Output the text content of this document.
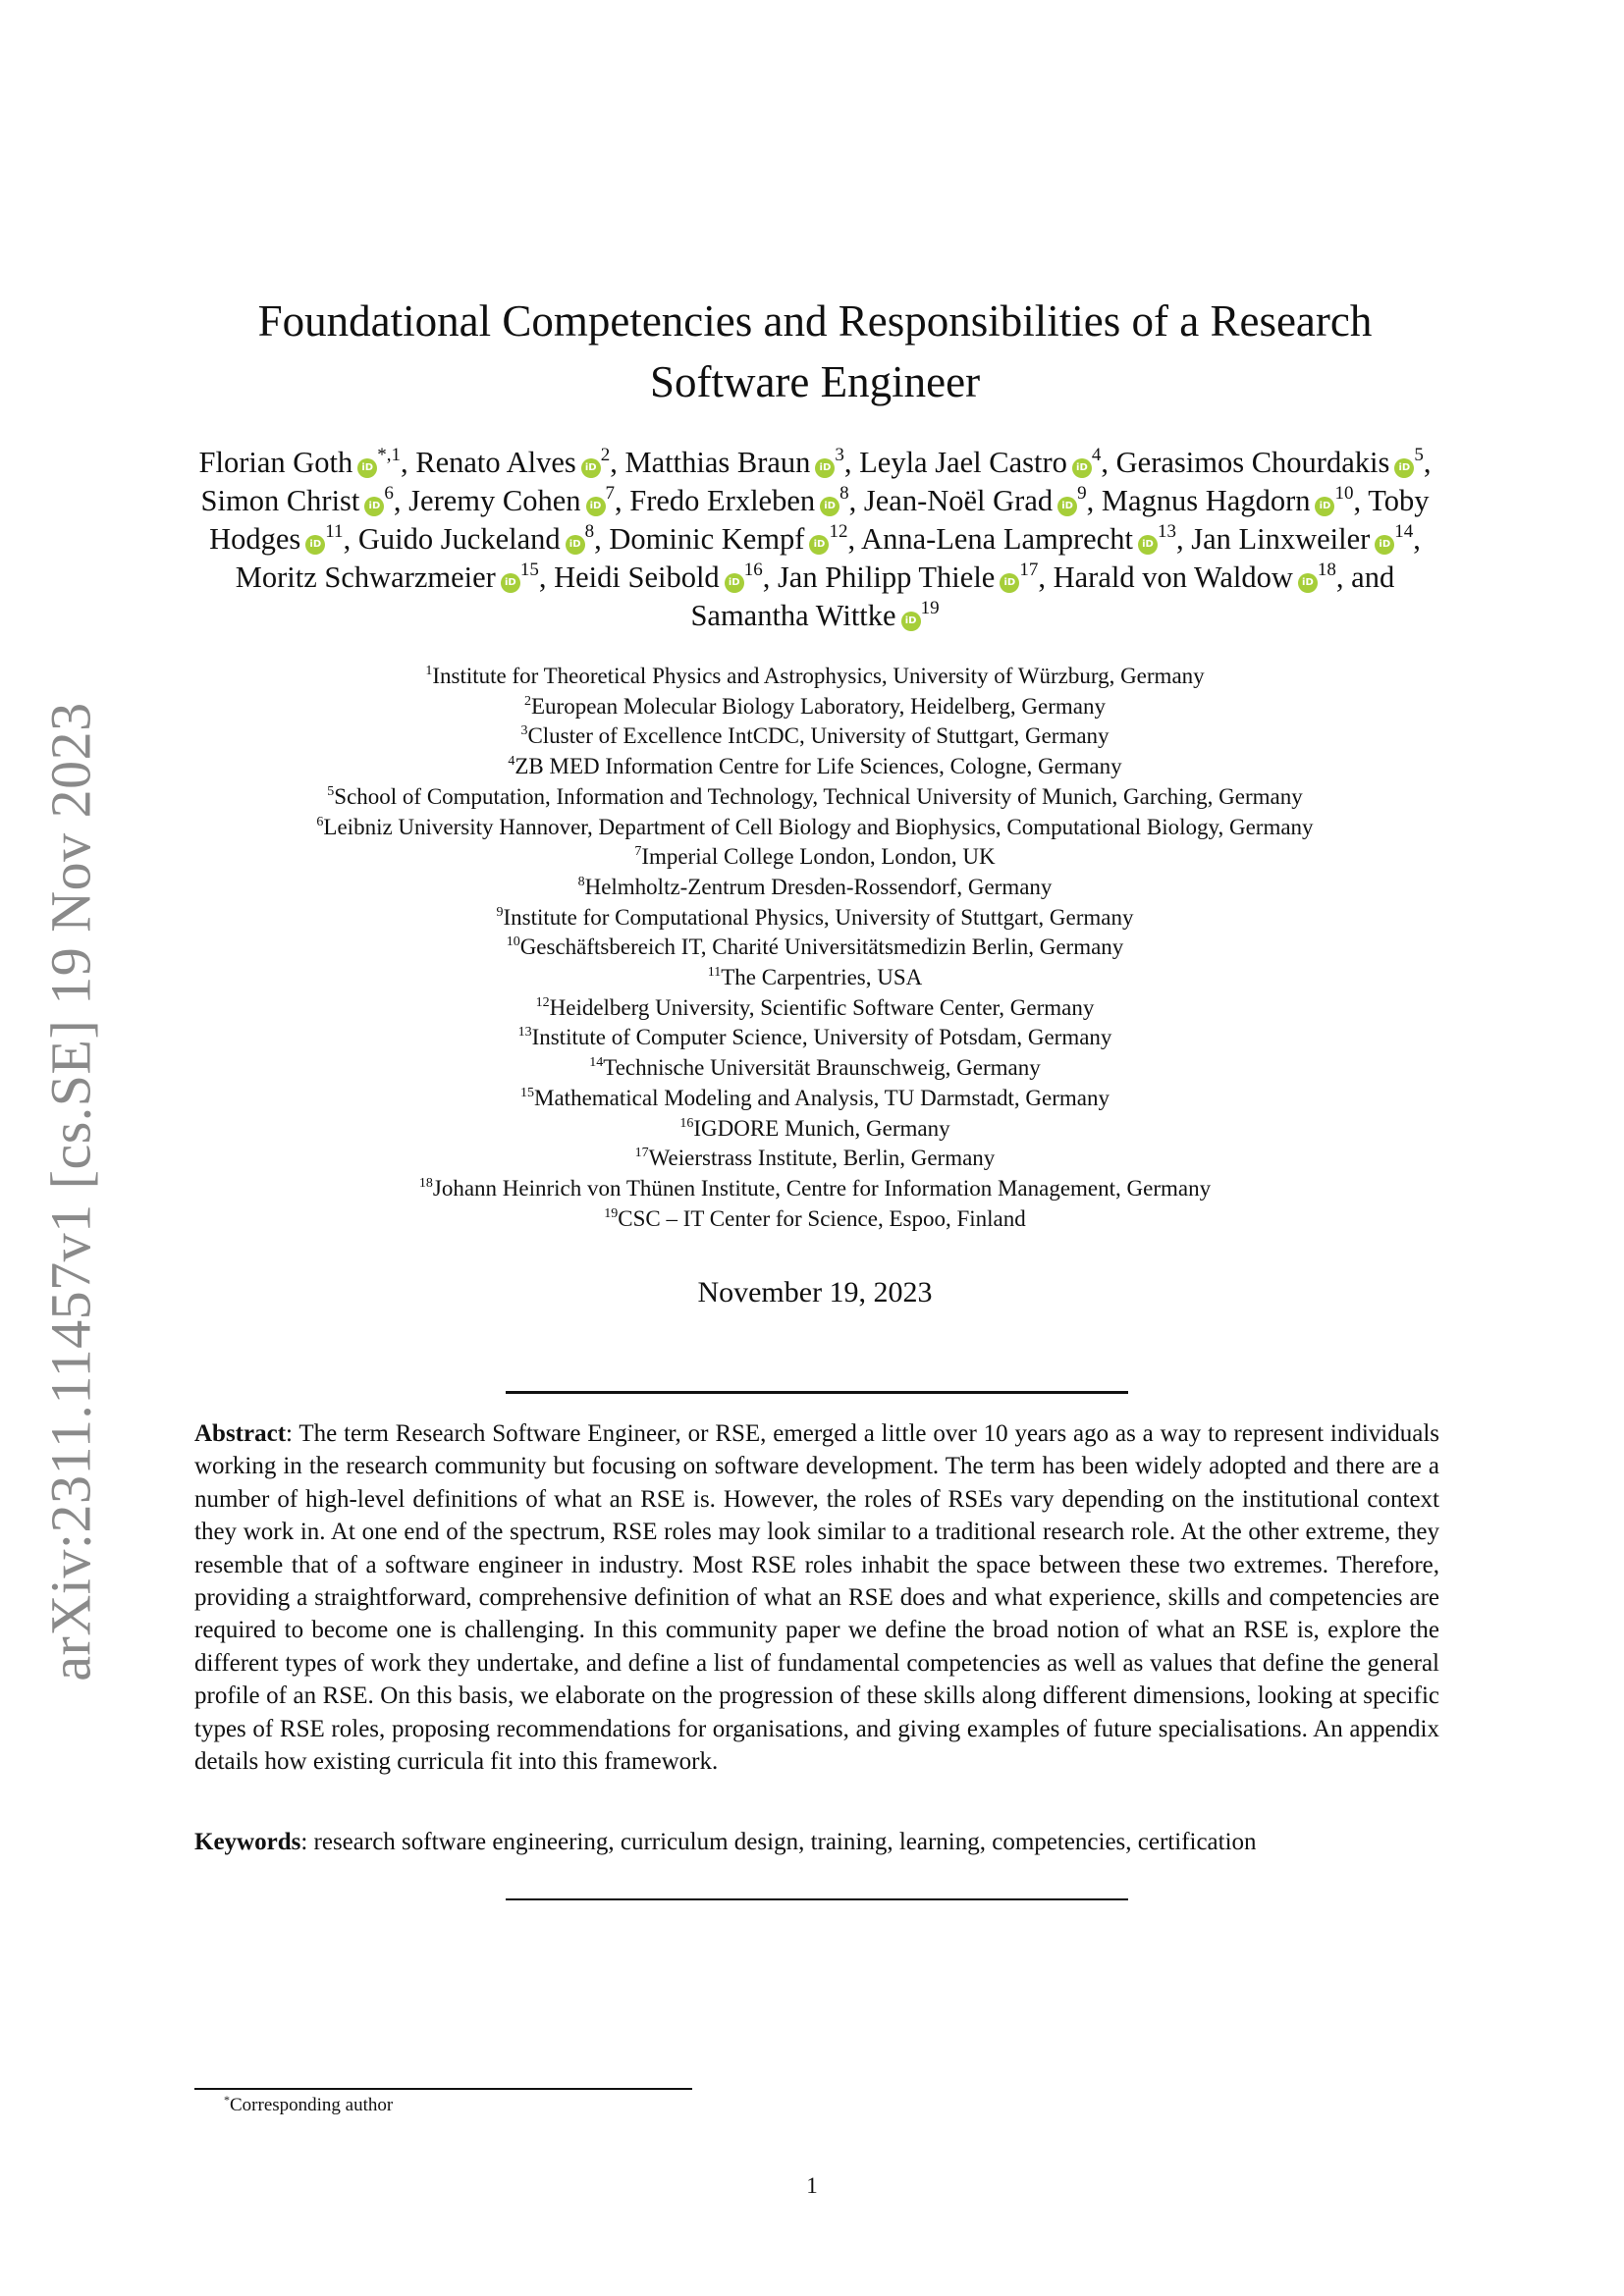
arXiv:2311.11457v1 [cs.SE] 19 Nov 2023
Foundational Competencies and Responsibilities of a Research Software Engineer
Florian Goth $iD^{*,1}$, Renato Alves $iD^2$, Matthias Braun $iD^3$, Leyla Jael Castro $iD^4$, Gerasimos Chourdakis $iD^5$, Simon Christ $iD^6$, Jeremy Cohen $iD^7$, Fredo Erxleben $iD^8$, Jean-Noël Grad $iD^9$, Magnus Hagdorn $iD^{10}$, Toby Hodges $iD^{11}$, Guido Juckeland $iD^8$, Dominic Kempf $iD^{12}$, Anna-Lena Lamprecht $iD^{13}$, Jan Linxweiler $iD^{14}$, Moritz Schwarzmeier $iD^{15}$, Heidi Seibold $iD^{16}$, Jan Philipp Thiele $iD^{17}$, Harald von Waldow $iD^{18}$, and Samantha Wittke $iD^{19}$
$^1$Institute for Theoretical Physics and Astrophysics, University of Würzburg, Germany
$^2$European Molecular Biology Laboratory, Heidelberg, Germany
$^3$Cluster of Excellence IntCDC, University of Stuttgart, Germany
$^4$ZB MED Information Centre for Life Sciences, Cologne, Germany
$^5$School of Computation, Information and Technology, Technical University of Munich, Garching, Germany
$^6$Leibniz University Hannover, Department of Cell Biology and Biophysics, Computational Biology, Germany
$^7$Imperial College London, London, UK
$^8$Helmholtz-Zentrum Dresden-Rossendorf, Germany
$^9$Institute for Computational Physics, University of Stuttgart, Germany
$^{10}$Geschäftsbereich IT, Charité Universitätsmedizin Berlin, Germany
$^{11}$The Carpentries, USA
$^{12}$Heidelberg University, Scientific Software Center, Germany
$^{13}$Institute of Computer Science, University of Potsdam, Germany
$^{14}$Technische Universität Braunschweig, Germany
$^{15}$Mathematical Modeling and Analysis, TU Darmstadt, Germany
$^{16}$IGDORE Munich, Germany
$^{17}$Weierstrass Institute, Berlin, Germany
$^{18}$Johann Heinrich von Thünen Institute, Centre for Information Management, Germany
$^{19}$CSC – IT Center for Science, Espoo, Finland
November 19, 2023
Abstract: The term Research Software Engineer, or RSE, emerged a little over 10 years ago as a way to represent individuals working in the research community but focusing on software development. The term has been widely adopted and there are a number of high-level definitions of what an RSE is. However, the roles of RSEs vary depending on the institutional context they work in. At one end of the spectrum, RSE roles may look similar to a traditional research role. At the other extreme, they resemble that of a software engineer in industry. Most RSE roles inhabit the space between these two extremes. Therefore, providing a straightforward, comprehensive definition of what an RSE does and what experience, skills and competencies are required to become one is challenging. In this community paper we define the broad notion of what an RSE is, explore the different types of work they undertake, and define a list of fundamental competencies as well as values that define the general profile of an RSE. On this basis, we elaborate on the progression of these skills along different dimensions, looking at specific types of RSE roles, proposing recommendations for organisations, and giving examples of future specialisations. An appendix details how existing curricula fit into this framework.
Keywords: research software engineering, curriculum design, training, learning, competencies, certification
*Corresponding author
1
